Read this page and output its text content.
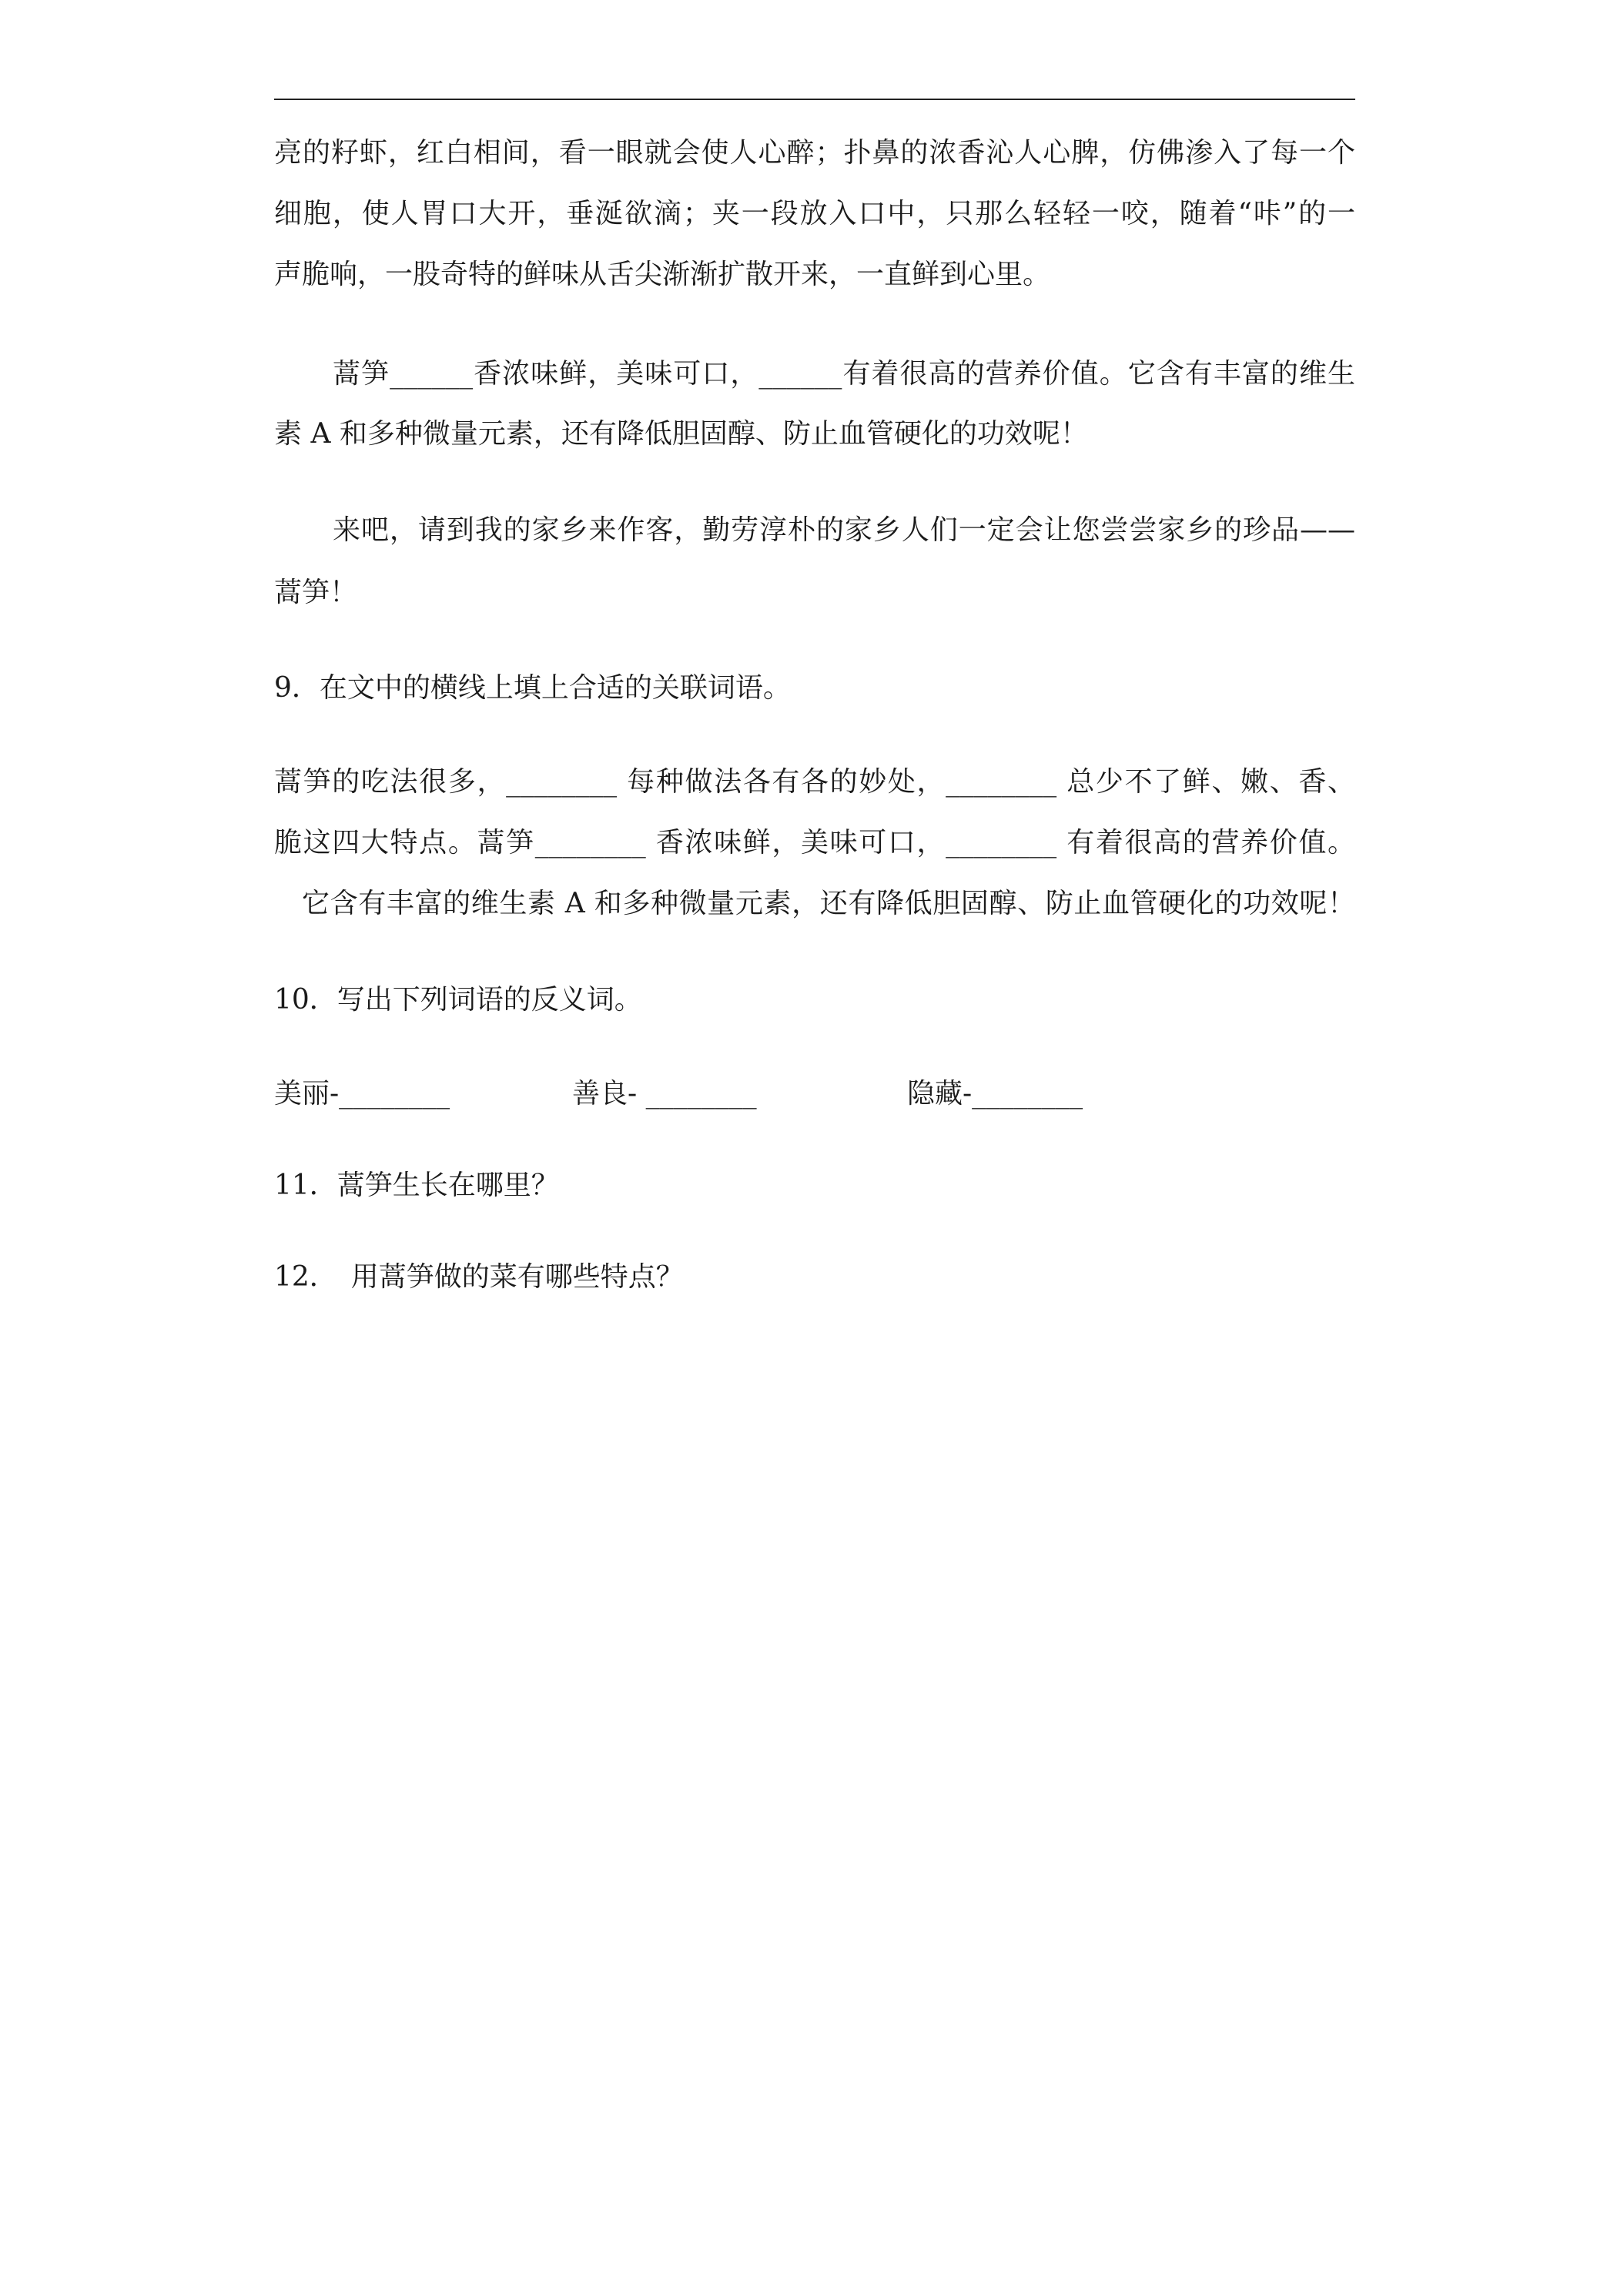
亮的籽虾，红白相间，看一眼就会使人心醉；扑鼻的浓香沁人心脾，仿佛渗入了每一个
细胞，使人胃口大开，垂涎欲滴；夹一段放入口中，只那么轻轻一咬，随着“咔”的一
声脆响，一股奇特的鲜味从舌尖渐渐扩散开来，一直鲜到心里。
蒿笋______香浓味鲜，美味可口，______有着很高的营养价值。它含有丰富的维生
素 A 和多种微量元素，还有降低胆固醇、防止血管硬化的功效呢！
来吧，请到我的家乡来作客，勤劳淳朴的家乡人们一定会让您尝尝家乡的珍品——
蒿笋！
9．在文中的横线上填上合适的关联词语。
蒿笋的吃法很多，________ 每种做法各有各的妙处，________ 总少不了鲜、嫩、香、
脆这四大特点。蒿笋________ 香浓味鲜，美味可口，________ 有着很高的营养价值。
它含有丰富的维生素 A 和多种微量元素，还有降低胆固醇、防止血管硬化的功效呢！
10．写出下列词语的反义词。
美丽-________	善良- ________	隐藏-________
11．蒿笋生长在哪里？
12．　用蒿笋做的菜有哪些特点？
